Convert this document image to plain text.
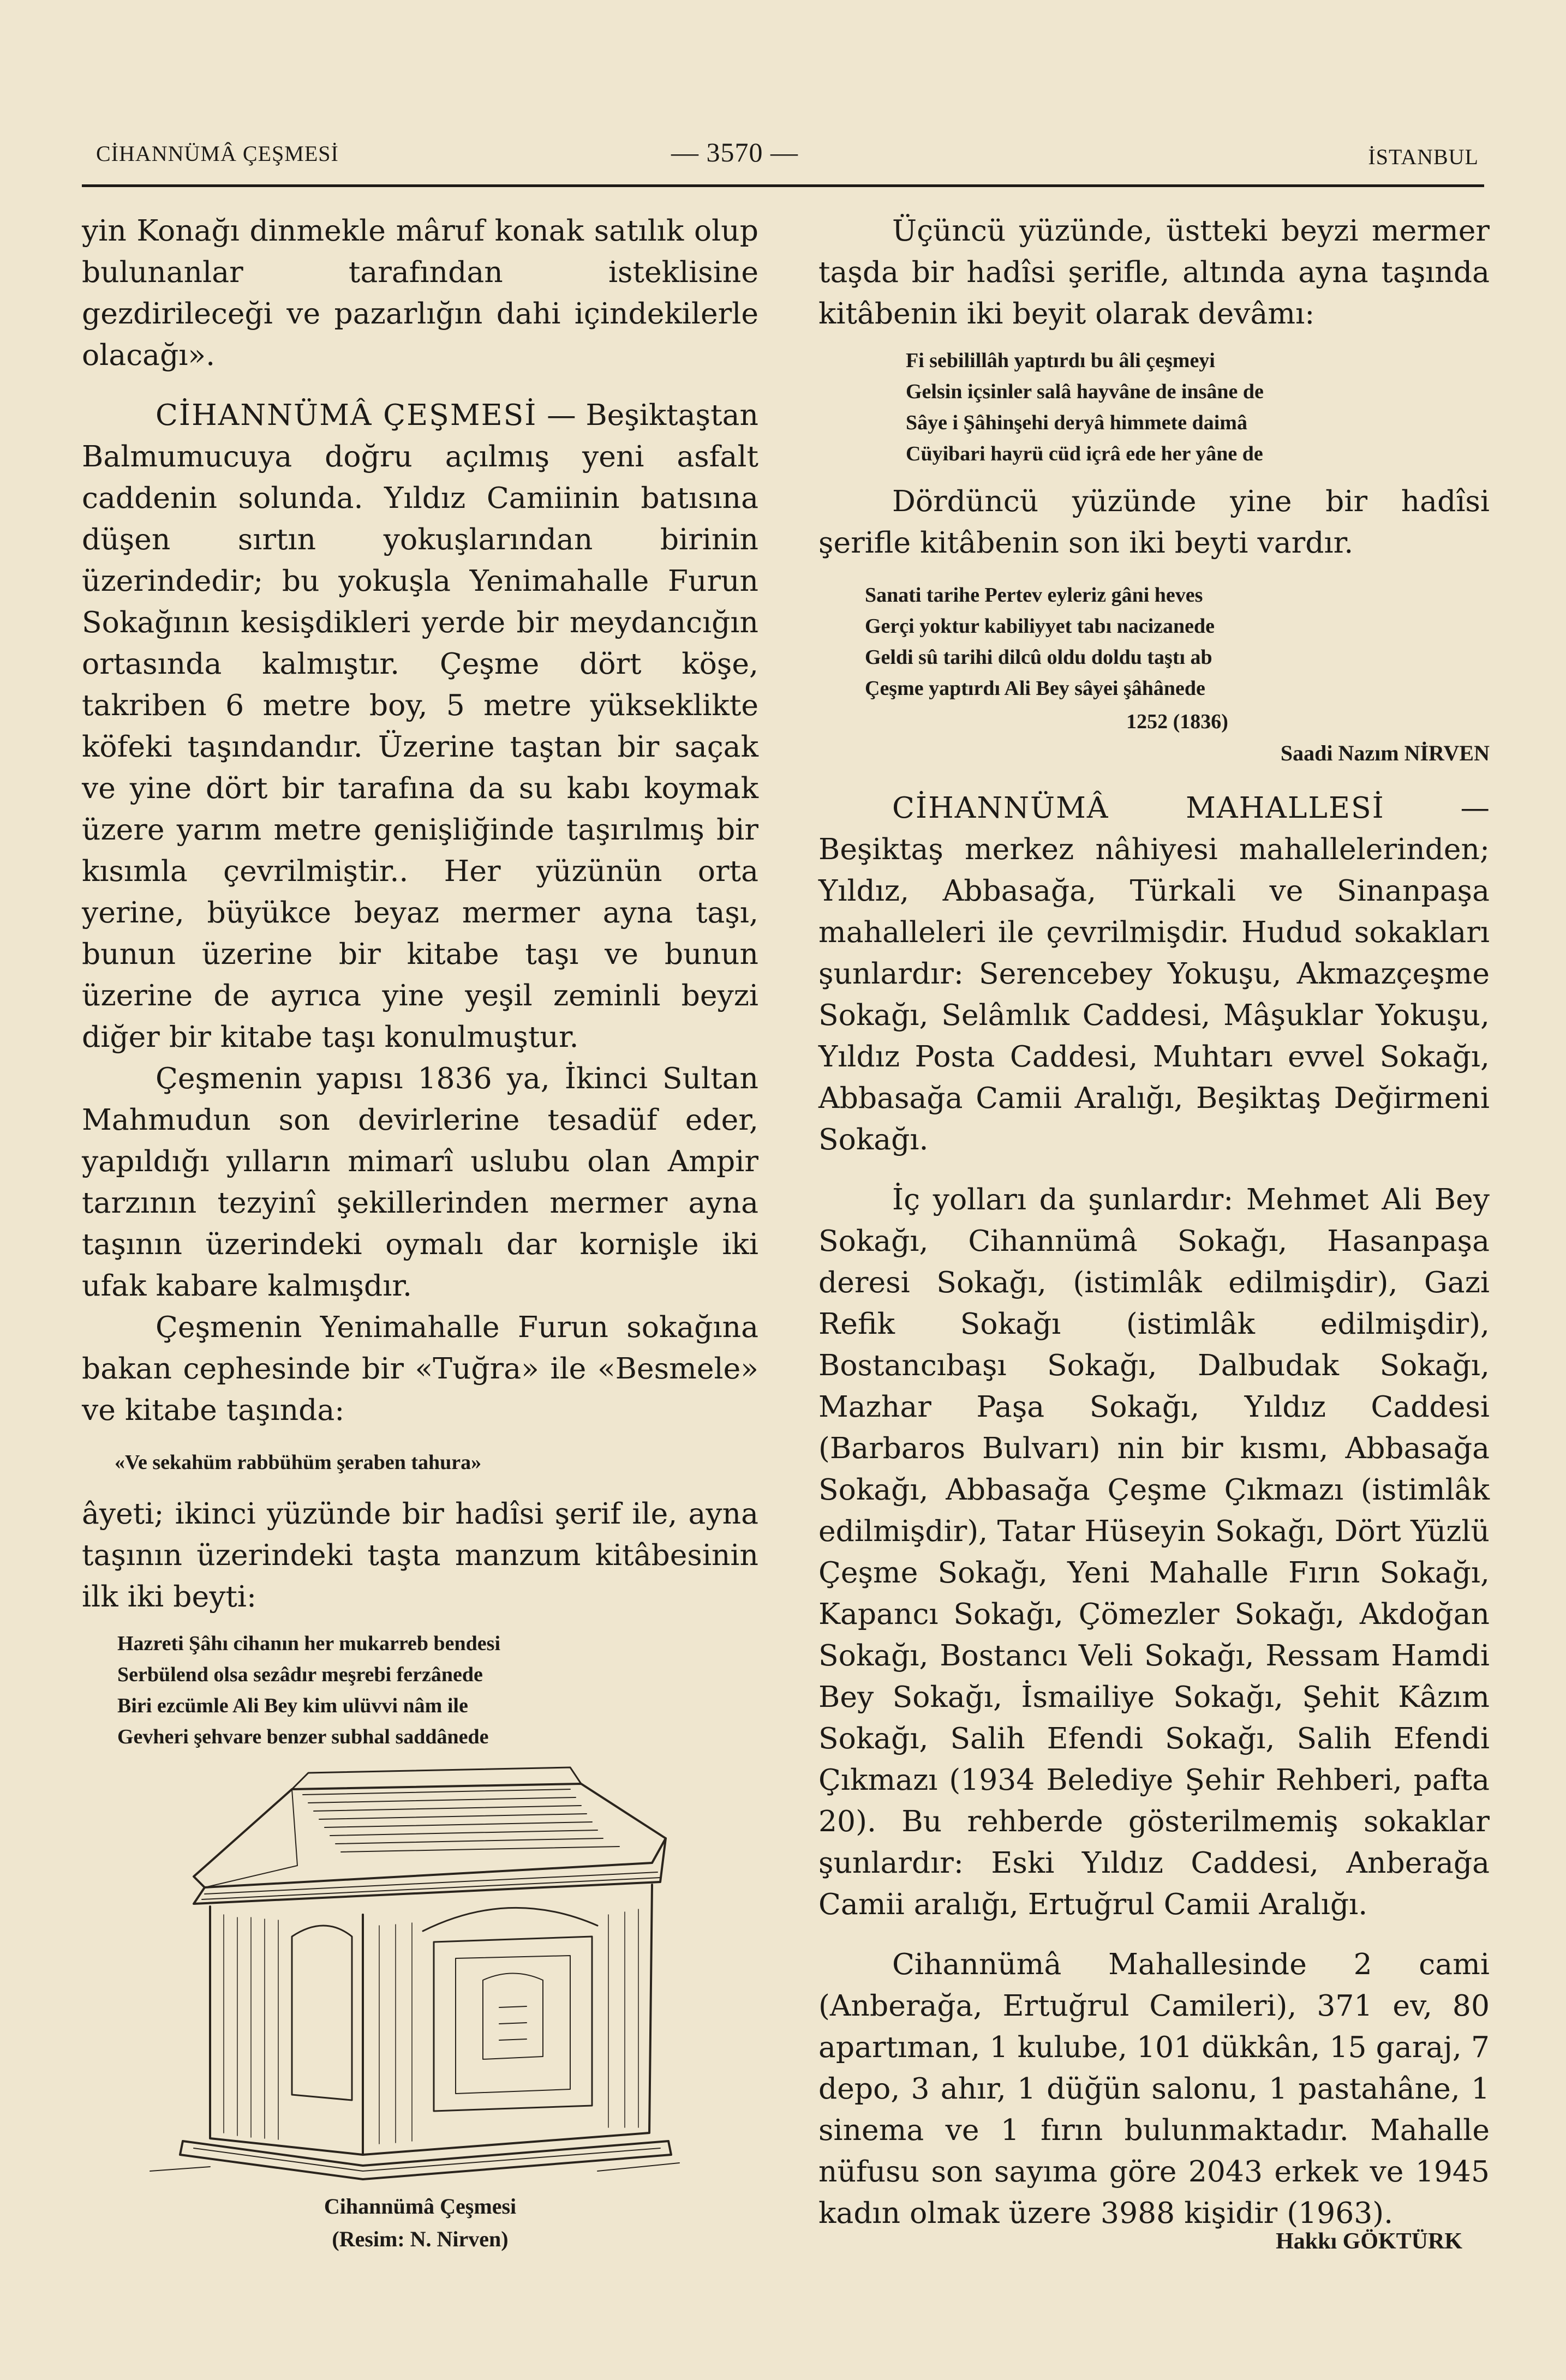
CİHANNÜMÂ ÇEŞMESİ	— 3570 —	İSTANBUL

yin Konağı dinmekle mâruf konak satılık olup bulunanlar tarafından isteklisine gezdirileceği ve pazarlığın dahi içindekilerle olacağı».

CİHANNÜMÂ ÇEŞMESİ — Beşiktaştan Balmumucuya doğru açılmış yeni asfalt caddenin solunda. Yıldız Camiinin batısına düşen sırtın yokuşlarından birinin üzerindedir; bu yokuşla Yenimahalle Furun Sokağının kesişdikleri yerde bir meydancığın ortasında kalmıştır. Çeşme dört köşe, takriben 6 metre boy, 5 metre yükseklikte köfeki taşındandır. Üzerine taştan bir saçak ve yine dört bir tarafına da su kabı koymak üzere yarım metre genişliğinde taşırılmış bir kısımla çevrilmiştir.. Her yüzünün orta yerine, büyükce beyaz mermer ayna taşı, bunun üzerine bir kitabe taşı ve bunun üzerine de ayrıca yine yeşil zeminli beyzi diğer bir kitabe taşı konulmuştur.

Çeşmenin yapısı 1836 ya, İkinci Sultan Mahmudun son devirlerine tesadüf eder, yapıldığı yılların mimarî uslubu olan Ampir tarzının tezyinî şekillerinden mermer ayna taşının üzerindeki oymalı dar kornişle iki ufak kabare kalmışdır.

Çeşmenin Yenimahalle Furun sokağına bakan cephesinde bir «Tuğra» ile «Besmele» ve kitabe taşında:

«Ve sekahüm rabbühüm şeraben tahura»

âyeti; ikinci yüzünde bir hadîsi şerif ile, ayna taşının üzerindeki taşta manzum kitâbesinin ilk iki beyti:

Hazreti Şâhı cihanın her mukarreb bendesi
Serbülend olsa sezâdır meşrebi ferzânede
Biri ezcümle Ali Bey kim ulüvvi nâm ile
Gevheri şehvare benzer subhal saddânede
Cihannümâ Çeşmesi
(Resim: N. Nirven)

Üçüncü yüzünde, üstteki beyzi mermer taşda bir hadîsi şerifle, altında ayna taşında kitâbenin iki beyit olarak devâmı:

Fi sebilillâh yaptırdı bu âli çeşmeyi
Gelsin içsinler salâ hayvâne de insâne de
Sâye i Şâhinşehi deryâ himmete daimâ
Cüyibari hayrü cüd içrâ ede her yâne de

Dördüncü yüzünde yine bir hadîsi şerifle kitâbenin son iki beyti vardır.

Sanati tarihe Pertev eyleriz gâni heves
Gerçi yoktur kabiliyyet tabı nacizanede
Geldi sû tarihi dilcû oldu doldu taştı ab
Çeşme yaptırdı Ali Bey sâyei şâhânede
1252 (1836)
Saadi Nazım NİRVEN

CİHANNÜMÂ MAHALLESİ — Beşiktaş merkez nâhiyesi mahallelerinden; Yıldız, Abbasağa, Türkali ve Sinanpaşa mahalleleri ile çevrilmişdir. Hudud sokakları şunlardır: Serencebey Yokuşu, Akmazçeşme Sokağı, Selâmlık Caddesi, Mâşuklar Yokuşu, Yıldız Posta Caddesi, Muhtarı evvel Sokağı, Abbasağa Camii Aralığı, Beşiktaş Değirmeni Sokağı.

İç yolları da şunlardır: Mehmet Ali Bey Sokağı, Cihannümâ Sokağı, Hasanpaşa deresi Sokağı, (istimlâk edilmişdir), Gazi Refik Sokağı (istimlâk edilmişdir), Bostancıbaşı Sokağı, Dalbudak Sokağı, Mazhar Paşa Sokağı, Yıldız Caddesi (Barbaros Bulvarı) nin bir kısmı, Abbasağa Sokağı, Abbasağa Çeşme Çıkmazı (istimlâk edilmişdir), Tatar Hüseyin Sokağı, Dört Yüzlü Çeşme Sokağı, Yeni Mahalle Fırın Sokağı, Kapancı Sokağı, Çömezler Sokağı, Akdoğan Sokağı, Bostancı Veli Sokağı, Ressam Hamdi Bey Sokağı, İsmailiye Sokağı, Şehit Kâzım Sokağı, Salih Efendi Sokağı, Salih Efendi Çıkmazı (1934 Belediye Şehir Rehberi, pafta 20). Bu rehberde gösterilmemiş sokaklar şunlardır: Eski Yıldız Caddesi, Anberağa Camii aralığı, Ertuğrul Camii Aralığı.

Cihannümâ Mahallesinde 2 cami (Anberağa, Ertuğrul Camileri), 371 ev, 80 apartıman, 1 kulube, 101 dükkân, 15 garaj, 7 depo, 3 ahır, 1 düğün salonu, 1 pastahâne, 1 sinema ve 1 fırın bulunmaktadır. Mahalle nüfusu son sayıma göre 2043 erkek ve 1945 kadın olmak üzere 3988 kişidir (1963).

Hakkı GÖKTÜRK
